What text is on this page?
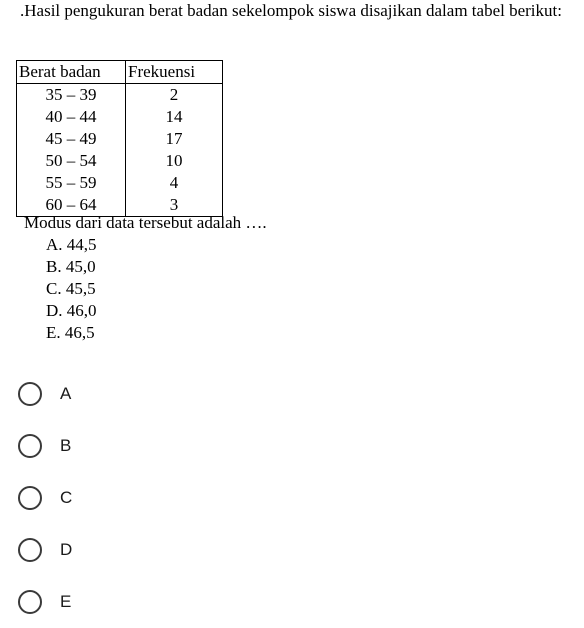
.Hasil pengukuran berat badan sekelompok siswa disajikan dalam tabel berikut:

Berat badan	Frekuensi
35 – 39	2
40 – 44	14
45 – 49	17
50 – 54	10
55 – 59	4
60 – 64	3
Modus dari data tersebut adalah ….
A. 44,5
B. 45,0
C. 45,5
D. 46,0
E. 46,5
A
B
C
D
E
